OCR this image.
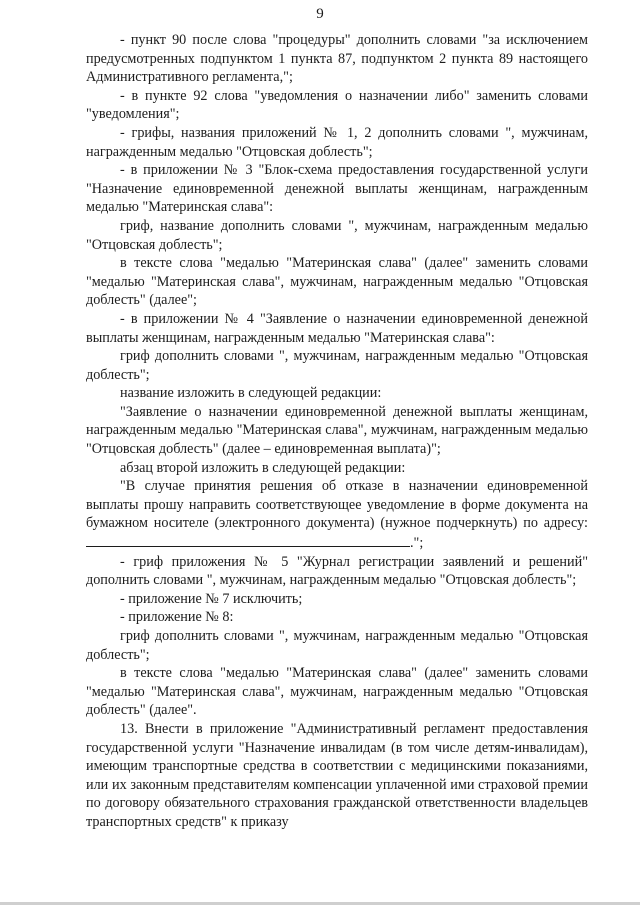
9

- пункт 90 после слова "процедуры" дополнить словами "за исключением предусмотренных подпунктом 1 пункта 87, подпунктом 2 пункта 89 настоящего Административного регламента,";

- в пункте 92 слова "уведомления о назначении либо" заменить словами "уведомления";

- грифы, названия приложений № 1, 2 дополнить словами ", мужчинам, награжденным медалью "Отцовская доблесть";

- в приложении № 3 "Блок-схема предоставления государственной услуги "Назначение единовременной денежной выплаты женщинам, награжденным медалью "Материнская слава":

гриф, название дополнить словами ", мужчинам, награжденным медалью "Отцовская доблесть";

в тексте слова "медалью "Материнская слава" (далее" заменить словами "медалью "Материнская слава", мужчинам, награжденным медалью "Отцовская доблесть" (далее";

- в приложении № 4 "Заявление о назначении единовременной денежной выплаты женщинам, награжденным медалью "Материнская слава":

гриф дополнить словами ", мужчинам, награжденным медалью "Отцовская доблесть";

название изложить в следующей редакции:

"Заявление о назначении единовременной денежной выплаты женщинам, награжденным медалью "Материнская слава", мужчинам, награжденным медалью "Отцовская доблесть" (далее – единовременная выплата)";

абзац второй изложить в следующей редакции:

"В случае принятия решения об отказе в назначении единовременной выплаты прошу направить соответствующее уведомление в форме документа на бумажном носителе (электронного документа) (нужное подчеркнуть) по адресу: .";

- гриф приложения № 5 "Журнал регистрации заявлений и решений" дополнить словами ", мужчинам, награжденным медалью "Отцовская доблесть";

- приложение № 7 исключить;

- приложение № 8:

гриф дополнить словами ", мужчинам, награжденным медалью "Отцовская доблесть";

в тексте слова "медалью "Материнская слава" (далее" заменить словами "медалью "Материнская слава", мужчинам, награжденным медалью "Отцовская доблесть" (далее".

13. Внести в приложение "Административный регламент предоставления государственной услуги "Назначение инвалидам (в том числе детям-инвалидам), имеющим транспортные средства в соответствии с медицинскими показаниями, или их законным представителям компенсации уплаченной ими страховой премии по договору обязательного страхования гражданской ответственности владельцев транспортных средств" к приказу
